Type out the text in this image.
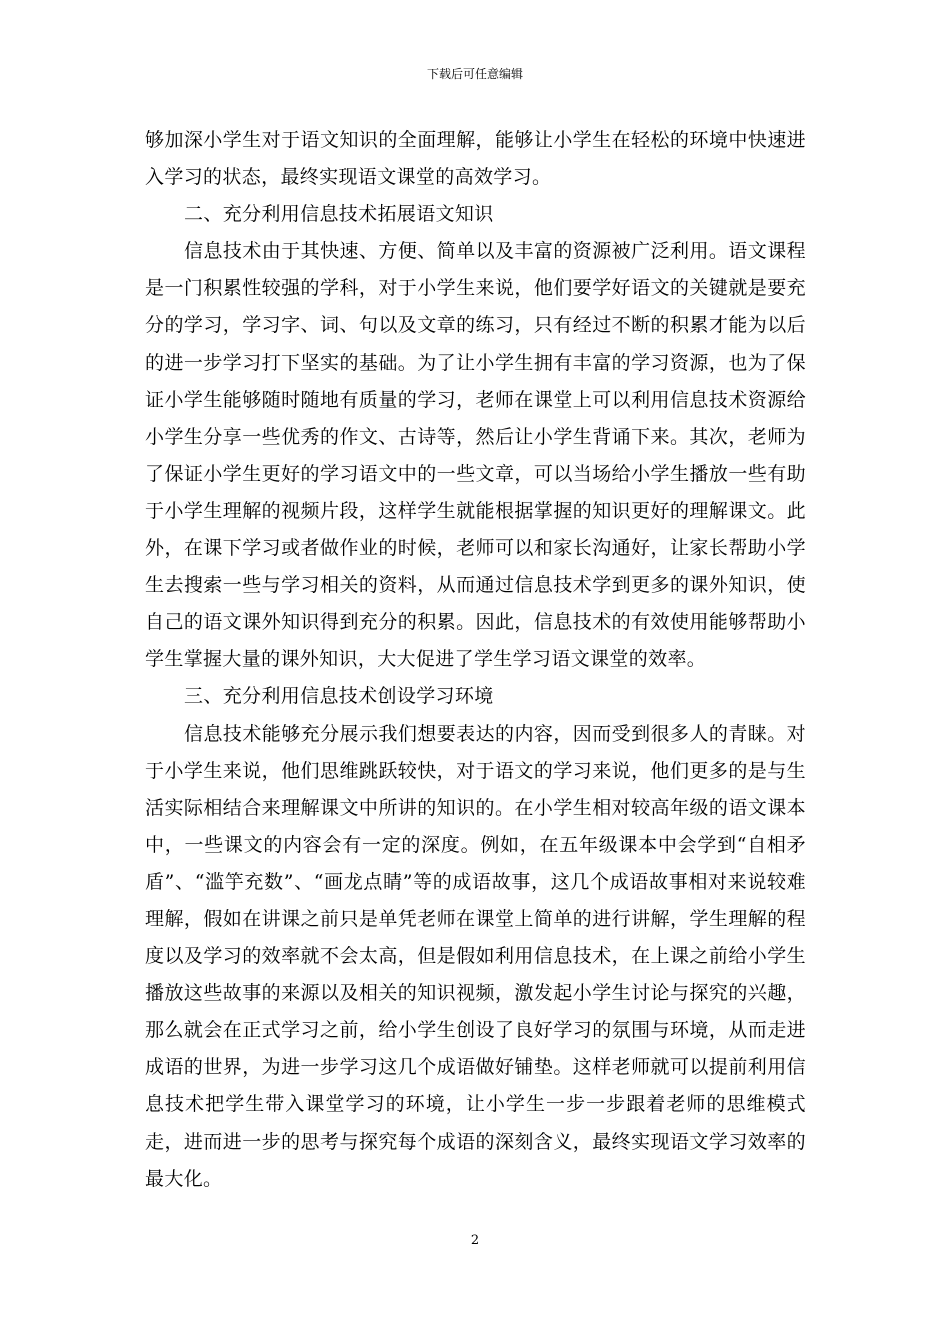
下载后可任意编辑

够加深小学生对于语文知识的全面理解，能够让小学生在轻松的环境中快速进入学习的状态，最终实现语文课堂的高效学习。

二、充分利用信息技术拓展语文知识

信息技术由于其快速、方便、简单以及丰富的资源被广泛利用。语文课程是一门积累性较强的学科，对于小学生来说，他们要学好语文的关键就是要充分的学习，学习字、词、句以及文章的练习，只有经过不断的积累才能为以后的进一步学习打下坚实的基础。为了让小学生拥有丰富的学习资源，也为了保证小学生能够随时随地有质量的学习，老师在课堂上可以利用信息技术资源给小学生分享一些优秀的作文、古诗等，然后让小学生背诵下来。其次，老师为了保证小学生更好的学习语文中的一些文章，可以当场给小学生播放一些有助于小学生理解的视频片段，这样学生就能根据掌握的知识更好的理解课文。此外，在课下学习或者做作业的时候，老师可以和家长沟通好，让家长帮助小学生去搜索一些与学习相关的资料，从而通过信息技术学到更多的课外知识，使自己的语文课外知识得到充分的积累。因此，信息技术的有效使用能够帮助小学生掌握大量的课外知识，大大促进了学生学习语文课堂的效率。

三、充分利用信息技术创设学习环境

信息技术能够充分展示我们想要表达的内容，因而受到很多人的青睐。对于小学生来说，他们思维跳跃较快，对于语文的学习来说，他们更多的是与生活实际相结合来理解课文中所讲的知识的。在小学生相对较高年级的语文课本中，一些课文的内容会有一定的深度。例如，在五年级课本中会学到“自相矛盾”、“滥竽充数”、“画龙点睛”等的成语故事，这几个成语故事相对来说较难理解，假如在讲课之前只是单凭老师在课堂上简单的进行讲解，学生理解的程度以及学习的效率就不会太高，但是假如利用信息技术，在上课之前给小学生播放这些故事的来源以及相关的知识视频，激发起小学生讨论与探究的兴趣，那么就会在正式学习之前，给小学生创设了良好学习的氛围与环境，从而走进成语的世界，为进一步学习这几个成语做好铺垫。这样老师就可以提前利用信息技术把学生带入课堂学习的环境，让小学生一步一步跟着老师的思维模式走，进而进一步的思考与探究每个成语的深刻含义，最终实现语文学习效率的最大化。

2
